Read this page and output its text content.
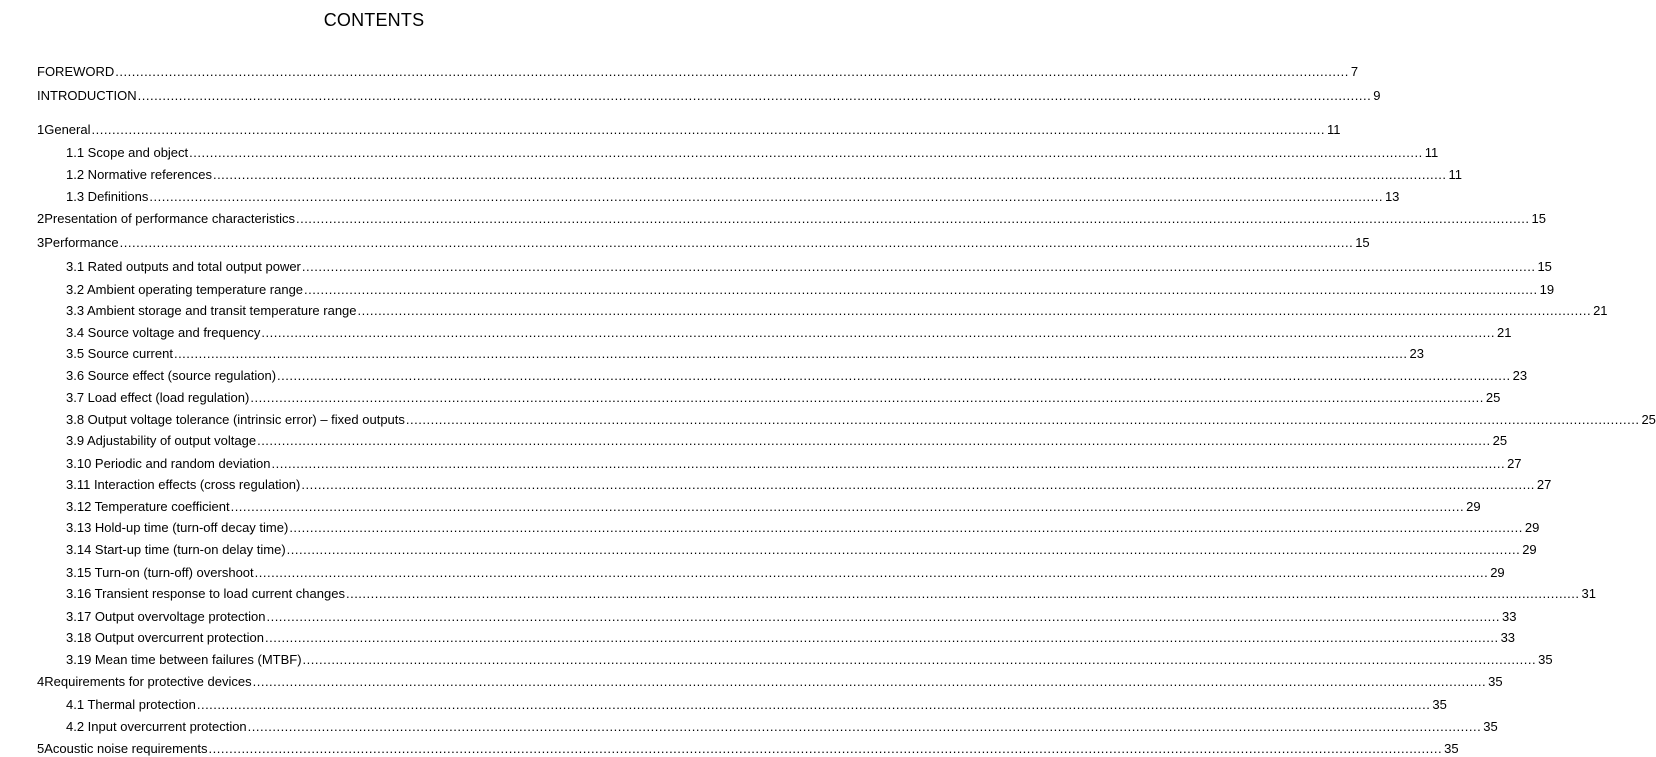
CONTENTS
FOREWORD ............................................................................................................................................................................................................................................................................................................ 7
INTRODUCTION ............................................................................................................................................................................................................................................................................................................ 9
1 General ............................................................................................................................................................................................................................................................................................................ 11
1.1 Scope and object ............................................................................................................................................................................................................................................................................................................ 11
1.2 Normative references ............................................................................................................................................................................................................................................................................................................ 11
1.3 Definitions ............................................................................................................................................................................................................................................................................................................ 13
2 Presentation of performance characteristics ............................................................................................................................................................................................................................................................................................................ 15
3 Performance ............................................................................................................................................................................................................................................................................................................ 15
3.1 Rated outputs and total output power ............................................................................................................................................................................................................................................................................................................ 15
3.2 Ambient operating temperature range ............................................................................................................................................................................................................................................................................................................ 19
3.3 Ambient storage and transit temperature range ............................................................................................................................................................................................................................................................................................................ 21
3.4 Source voltage and frequency ............................................................................................................................................................................................................................................................................................................ 21
3.5 Source current ............................................................................................................................................................................................................................................................................................................ 23
3.6 Source effect (source regulation) ............................................................................................................................................................................................................................................................................................................ 23
3.7 Load effect (load regulation) ............................................................................................................................................................................................................................................................................................................ 25
3.8 Output voltage tolerance (intrinsic error) – fixed outputs ............................................................................................................................................................................................................................................................................................................ 25
3.9 Adjustability of output voltage ............................................................................................................................................................................................................................................................................................................ 25
3.10 Periodic and random deviation ............................................................................................................................................................................................................................................................................................................ 27
3.11 Interaction effects (cross regulation) ............................................................................................................................................................................................................................................................................................................ 27
3.12 Temperature coefficient ............................................................................................................................................................................................................................................................................................................ 29
3.13 Hold-up time (turn-off decay time) ............................................................................................................................................................................................................................................................................................................ 29
3.14 Start-up time (turn-on delay time) ............................................................................................................................................................................................................................................................................................................ 29
3.15 Turn-on (turn-off) overshoot ............................................................................................................................................................................................................................................................................................................ 29
3.16 Transient response to load current changes ............................................................................................................................................................................................................................................................................................................ 31
3.17 Output overvoltage protection ............................................................................................................................................................................................................................................................................................................ 33
3.18 Output overcurrent protection ............................................................................................................................................................................................................................................................................................................ 33
3.19 Mean time between failures (MTBF) ............................................................................................................................................................................................................................................................................................................ 35
4 Requirements for protective devices ............................................................................................................................................................................................................................................................................................................ 35
4.1 Thermal protection ............................................................................................................................................................................................................................................................................................................ 35
4.2 Input overcurrent protection ............................................................................................................................................................................................................................................................................................................ 35
5 Acoustic noise requirements ............................................................................................................................................................................................................................................................................................................ 35
